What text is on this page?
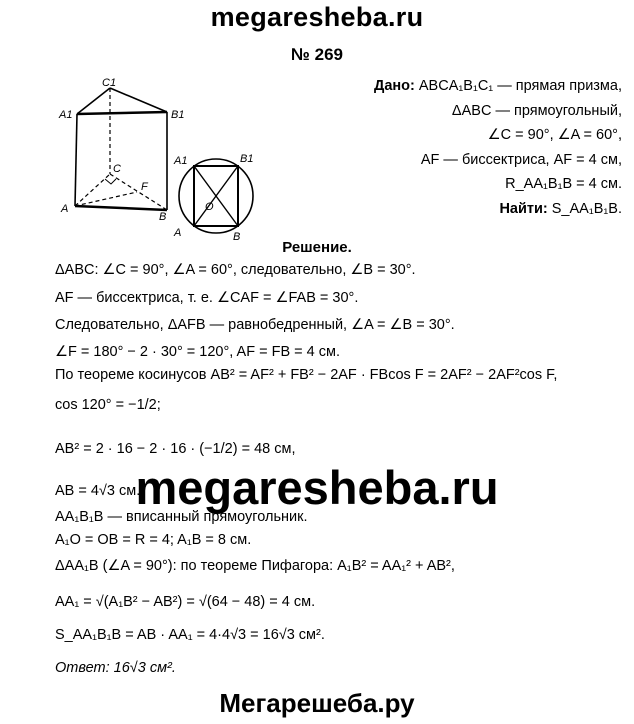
megaresheba.ru
№ 269
C1
A1	B1
C
F
A
B
A1	B1
O
A	B
Дано: ABCA₁B₁C₁ — прямая призма,
ΔABC — прямоугольный,
∠C = 90°, ∠A = 60°,
AF — биссектриса, AF = 4 см,
R_AA₁B₁B = 4 см.
Найти: S_AA₁B₁B.
Решение.
ΔABC: ∠C = 90°, ∠A = 60°, следовательно, ∠B = 30°.
AF — биссектриса, т. е. ∠CAF = ∠FAB = 30°.
Следовательно, ΔAFB — равнобедренный, ∠A = ∠B = 30°.
∠F = 180° − 2 · 30° = 120°, AF = FB = 4 см.
По теореме косинусов AB² = AF² + FB² − 2AF · FBcos F = 2AF² − 2AF²cos F,
cos 120° = −1/2;
AB² = 2 · 16 − 2 · 16 · (−1/2) = 48 см,
AB = 4√3 см.
megaresheba.ru
AA₁B₁B — вписанный прямоугольник.
A₁O = OB = R = 4; A₁B = 8 см.
ΔAA₁B (∠A = 90°): по теореме Пифагора: A₁B² = AA₁² + AB²,
AA₁ = √(A₁B² − AB²) = √(64 − 48) = 4 см.
S_AA₁B₁B = AB · AA₁ = 4·4√3 = 16√3 см².
Ответ: 16√3 см².
Мегарешеба.ру
